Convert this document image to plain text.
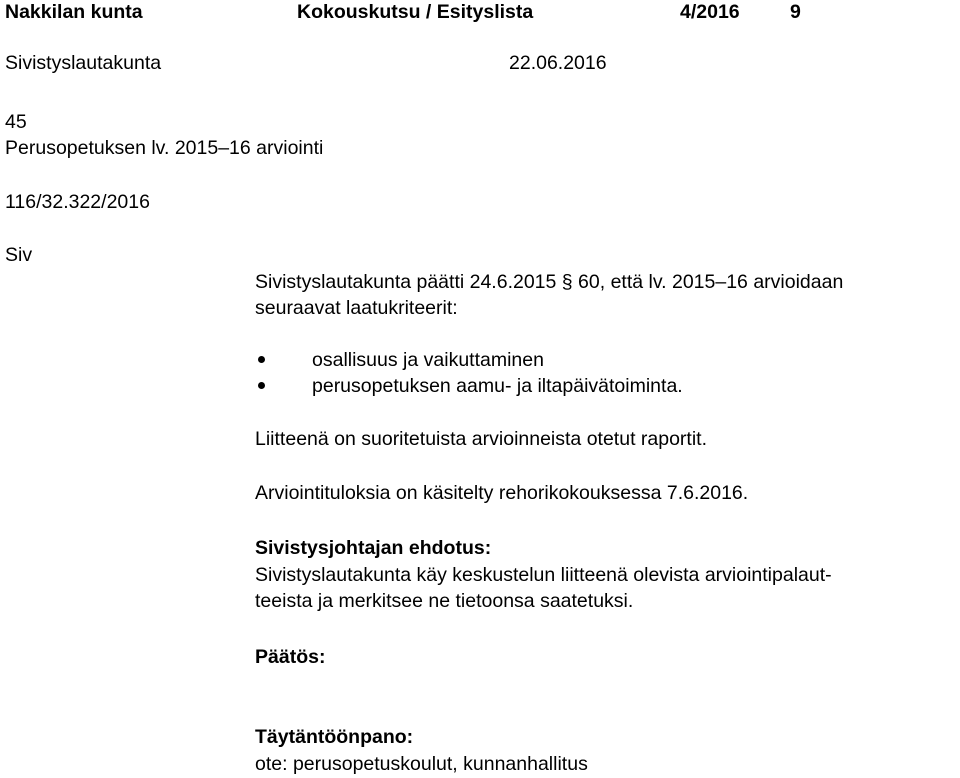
Nakkilan kunta	Kokouskutsu / Esityslista	4/2016	9

Sivistyslautakunta	22.06.2016

45

Perusopetuksen lv. 2015–16 arviointi

116/32.322/2016

Siv

Sivistyslautakunta päätti 24.6.2015 § 60, että lv. 2015–16 arvioidaan

seuraavat laatukriteerit:

osallisuus ja vaikuttaminen

perusopetuksen aamu- ja iltapäivätoiminta.

Liitteenä on suoritetuista arvioinneista otetut raportit.

Arviointituloksia on käsitelty rehorikokouksessa 7.6.2016.

Sivistysjohtajan ehdotus:

Sivistyslautakunta käy keskustelun liitteenä olevista arviointipalaut-

teeista ja merkitsee ne tietoonsa saatetuksi.

Päätös:

Täytäntöönpano:

ote: perusopetuskoulut, kunnanhallitus
